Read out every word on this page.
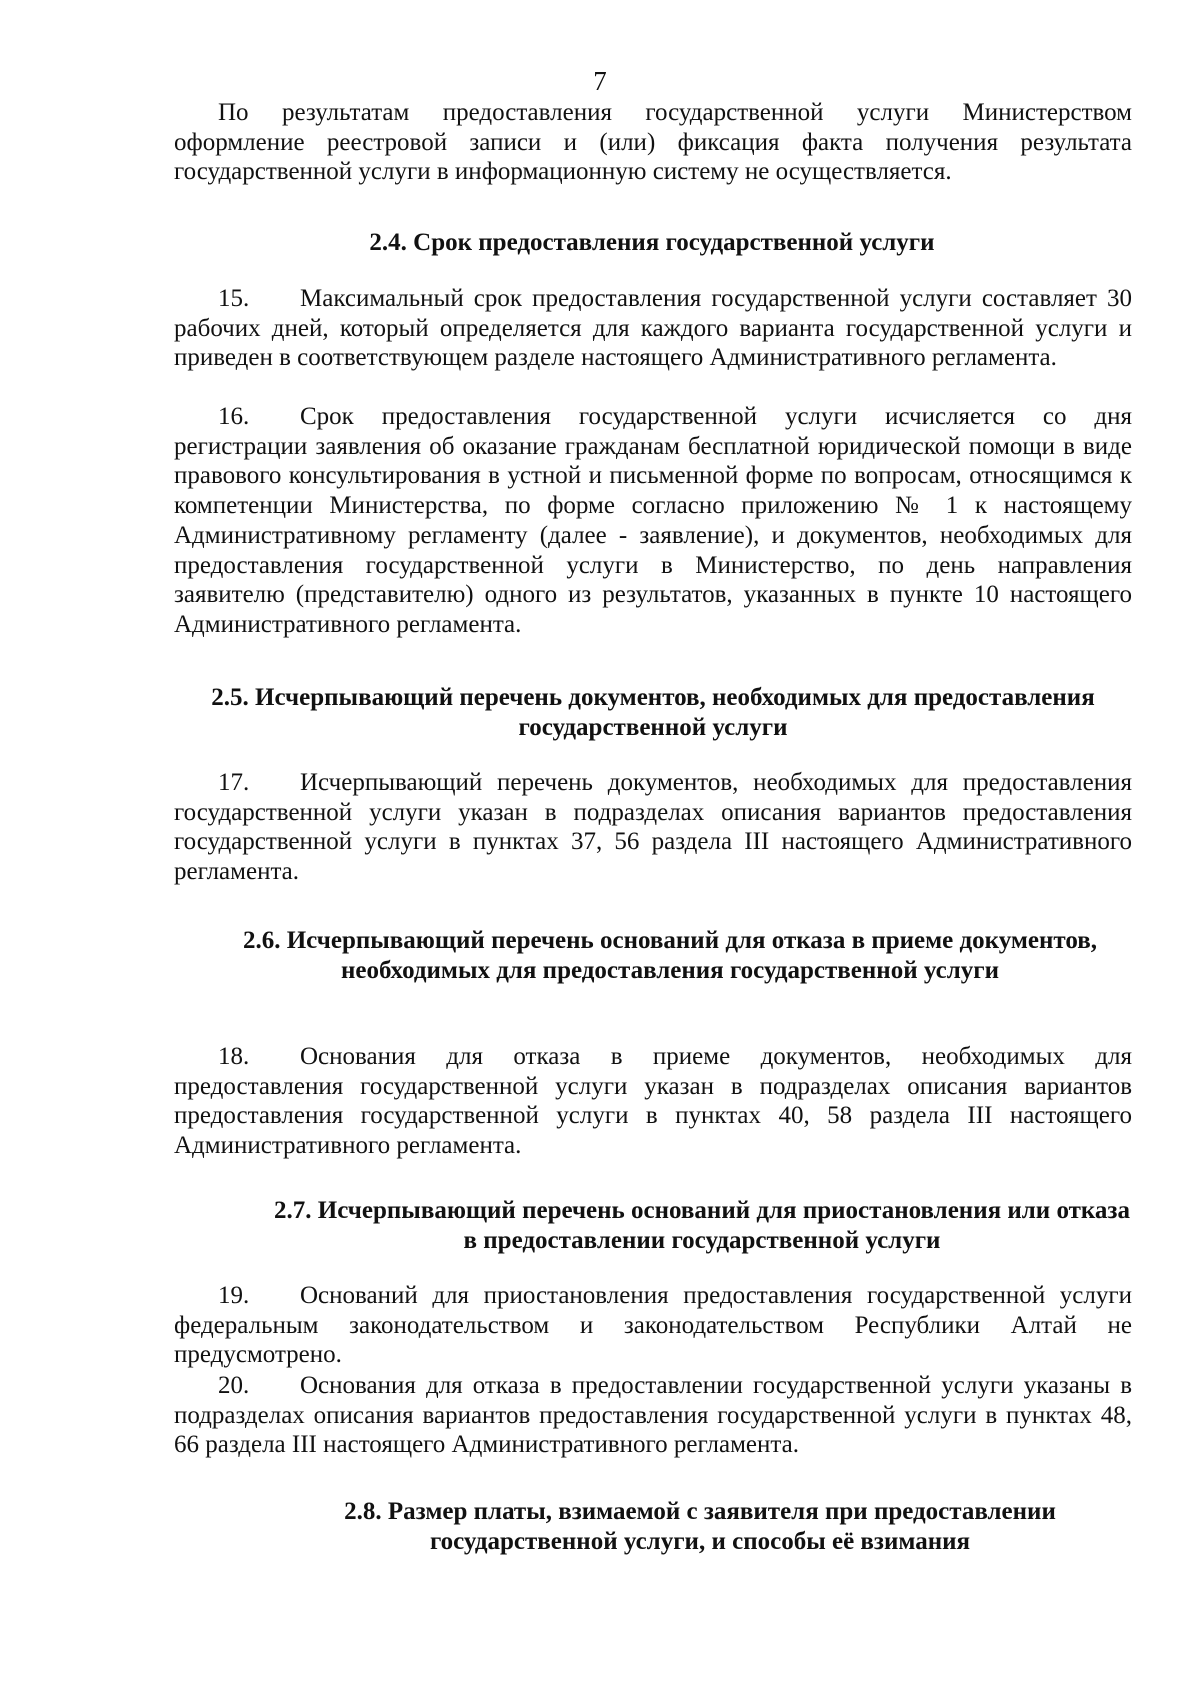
7

По результатам предоставления государственной услуги Министерством оформление реестровой записи и (или) фиксация факта получения результата государственной услуги в информационную систему не осуществляется.

2.4. Срок предоставления государственной услуги

15. Максимальный срок предоставления государственной услуги составляет 30 рабочих дней, который определяется для каждого варианта государственной услуги и приведен в соответствующем разделе настоящего Административного регламента.

16. Срок предоставления государственной услуги исчисляется со дня регистрации заявления об оказание гражданам бесплатной юридической помощи в виде правового консультирования в устной и письменной форме по вопросам, относящимся к компетенции Министерства, по форме согласно приложению № 1 к настоящему Административному регламенту (далее - заявление), и документов, необходимых для предоставления государственной услуги в Министерство, по день направления заявителю (представителю) одного из результатов, указанных в пункте 10 настоящего Административного регламента.

2.5. Исчерпывающий перечень документов, необходимых для предоставления государственной услуги

17. Исчерпывающий перечень документов, необходимых для предоставления государственной услуги указан в подразделах описания вариантов предоставления государственной услуги в пунктах 37, 56 раздела III настоящего Административного регламента.

2.6. Исчерпывающий перечень оснований для отказа в приеме документов, необходимых для предоставления государственной услуги

18. Основания для отказа в приеме документов, необходимых для предоставления государственной услуги указан в подразделах описания вариантов предоставления государственной услуги в пунктах 40, 58 раздела III настоящего Административного регламента.

2.7. Исчерпывающий перечень оснований для приостановления или отказа в предоставлении государственной услуги

19. Оснований для приостановления предоставления государственной услуги федеральным законодательством и законодательством Республики Алтай не предусмотрено.

20. Основания для отказа в предоставлении государственной услуги указаны в подразделах описания вариантов предоставления государственной услуги в пунктах 48, 66 раздела III настоящего Административного регламента.

2.8. Размер платы, взимаемой с заявителя при предоставлении государственной услуги, и способы её взимания
